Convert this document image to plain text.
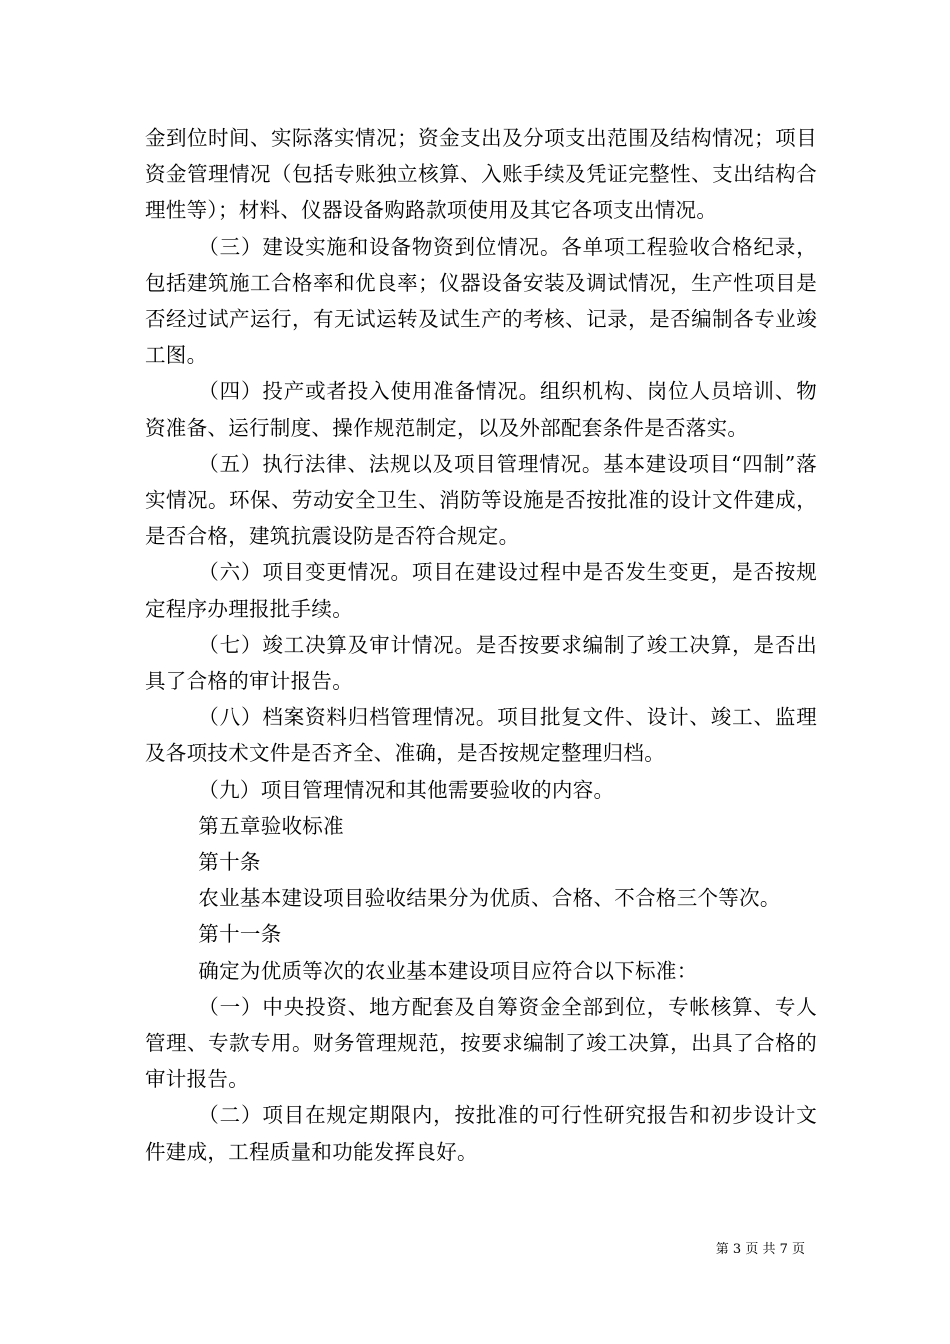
金到位时间、实际落实情况；资金支出及分项支出范围及结构情况；项目资金管理情况（包括专账独立核算、入账手续及凭证完整性、支出结构合理性等）；材料、仪器设备购路款项使用及其它各项支出情况。

（三）建设实施和设备物资到位情况。各单项工程验收合格纪录，包括建筑施工合格率和优良率；仪器设备安装及调试情况，生产性项目是否经过试产运行，有无试运转及试生产的考核、记录，是否编制各专业竣工图。

（四）投产或者投入使用准备情况。组织机构、岗位人员培训、物资准备、运行制度、操作规范制定，以及外部配套条件是否落实。

（五）执行法律、法规以及项目管理情况。基本建设项目“四制”落实情况。环保、劳动安全卫生、消防等设施是否按批准的设计文件建成，是否合格，建筑抗震设防是否符合规定。

（六）项目变更情况。项目在建设过程中是否发生变更，是否按规定程序办理报批手续。

（七）竣工决算及审计情况。是否按要求编制了竣工决算，是否出具了合格的审计报告。

（八）档案资料归档管理情况。项目批复文件、设计、竣工、监理及各项技术文件是否齐全、准确，是否按规定整理归档。

（九）项目管理情况和其他需要验收的内容。

第五章验收标准

第十条

农业基本建设项目验收结果分为优质、合格、不合格三个等次。

第十一条

确定为优质等次的农业基本建设项目应符合以下标准：

（一）中央投资、地方配套及自筹资金全部到位，专帐核算、专人管理、专款专用。财务管理规范，按要求编制了竣工决算，出具了合格的审计报告。

（二）项目在规定期限内，按批准的可行性研究报告和初步设计文件建成，工程质量和功能发挥良好。

第 3 页 共 7 页
